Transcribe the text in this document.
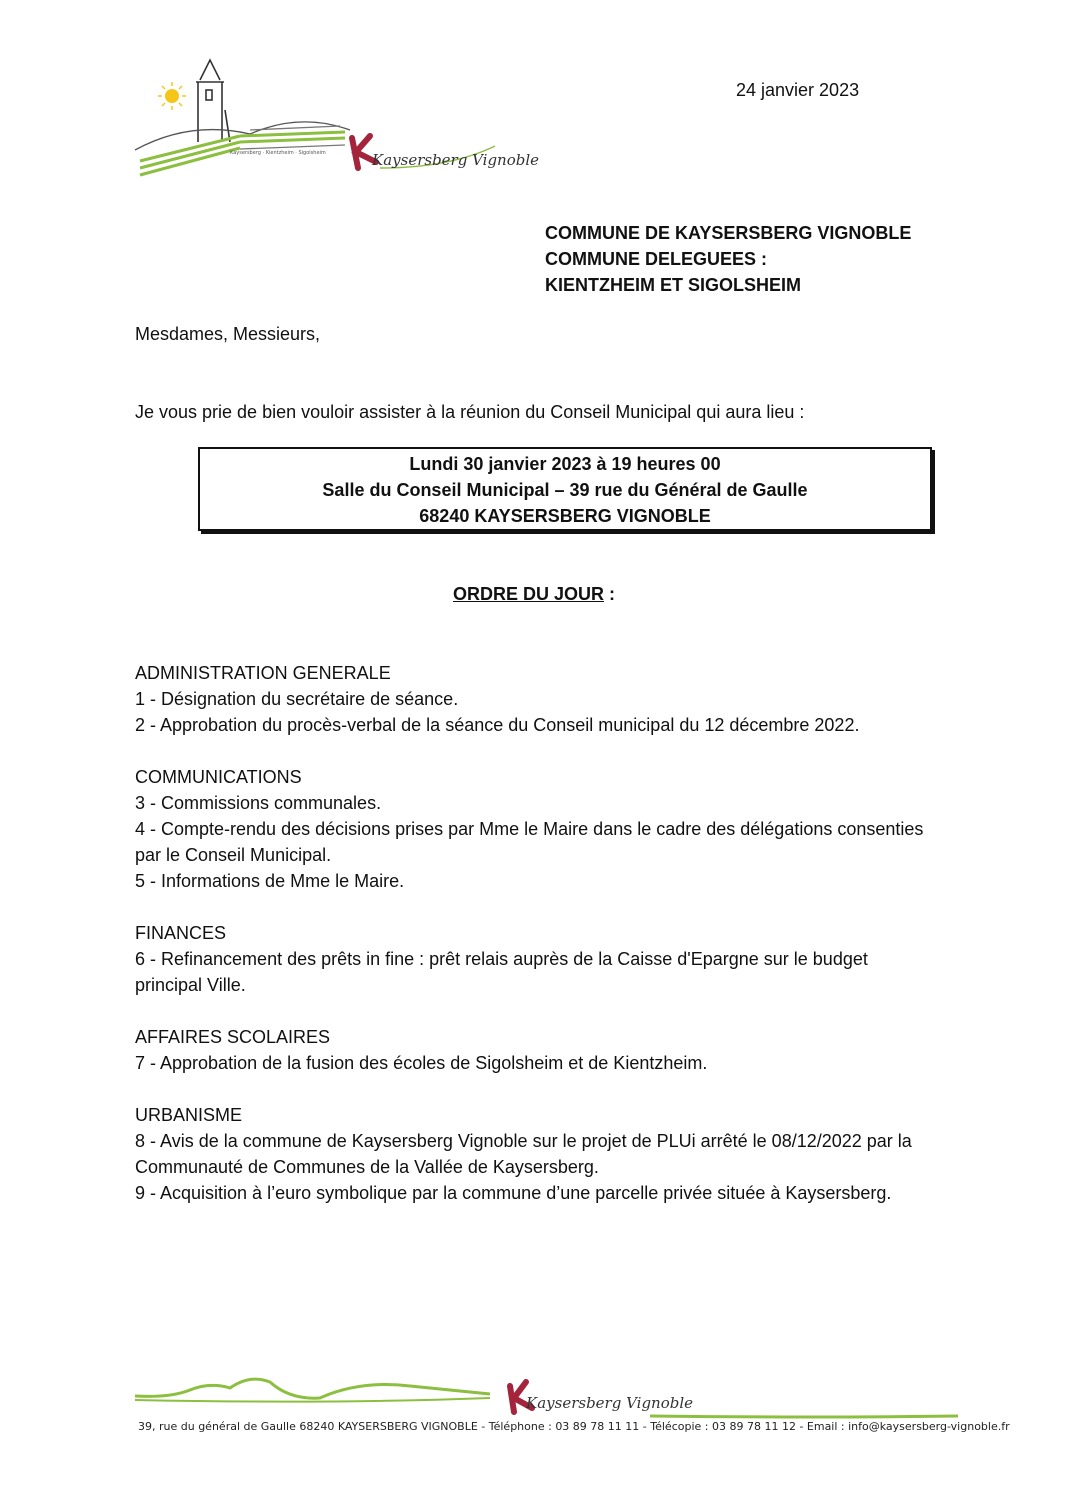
Kaysersberg · Kientzheim · Sigolsheim	Kaysersberg Vignoble
24 janvier 2023
COMMUNE DE KAYSERSBERG VIGNOBLE
COMMUNE DELEGUEES :
KIENTZHEIM ET SIGOLSHEIM
Mesdames, Messieurs,
Je vous prie de bien vouloir assister à la réunion du Conseil Municipal qui aura lieu :
Lundi 30 janvier 2023 à 19 heures 00
Salle du Conseil Municipal – 39 rue du Général de Gaulle
68240 KAYSERSBERG VIGNOBLE
ORDRE DU JOUR :
ADMINISTRATION GENERALE
1 - Désignation du secrétaire de séance.
2 - Approbation du procès-verbal de la séance du Conseil municipal du 12 décembre 2022.
COMMUNICATIONS
3 - Commissions communales.
4 - Compte-rendu des décisions prises par Mme le Maire dans le cadre des délégations consenties par le Conseil Municipal.
5 - Informations de Mme le Maire.
FINANCES
6 - Refinancement des prêts in fine : prêt relais auprès de la Caisse d'Epargne sur le budget principal Ville.
AFFAIRES SCOLAIRES
7 - Approbation de la fusion des écoles de Sigolsheim et de Kientzheim.
URBANISME
8 - Avis de la commune de Kaysersberg Vignoble sur le projet de PLUi arrêté le 08/12/2022 par la Communauté de Communes de la Vallée de Kaysersberg.
9 - Acquisition à l’euro symbolique par la commune d’une parcelle privée située à Kaysersberg.
Kaysersberg Vignoble
39, rue du général de Gaulle 68240 KAYSERSBERG VIGNOBLE - Téléphone : 03 89 78 11 11 - Télécopie : 03 89 78 11 12 - Email : info@kaysersberg-vignoble.fr
